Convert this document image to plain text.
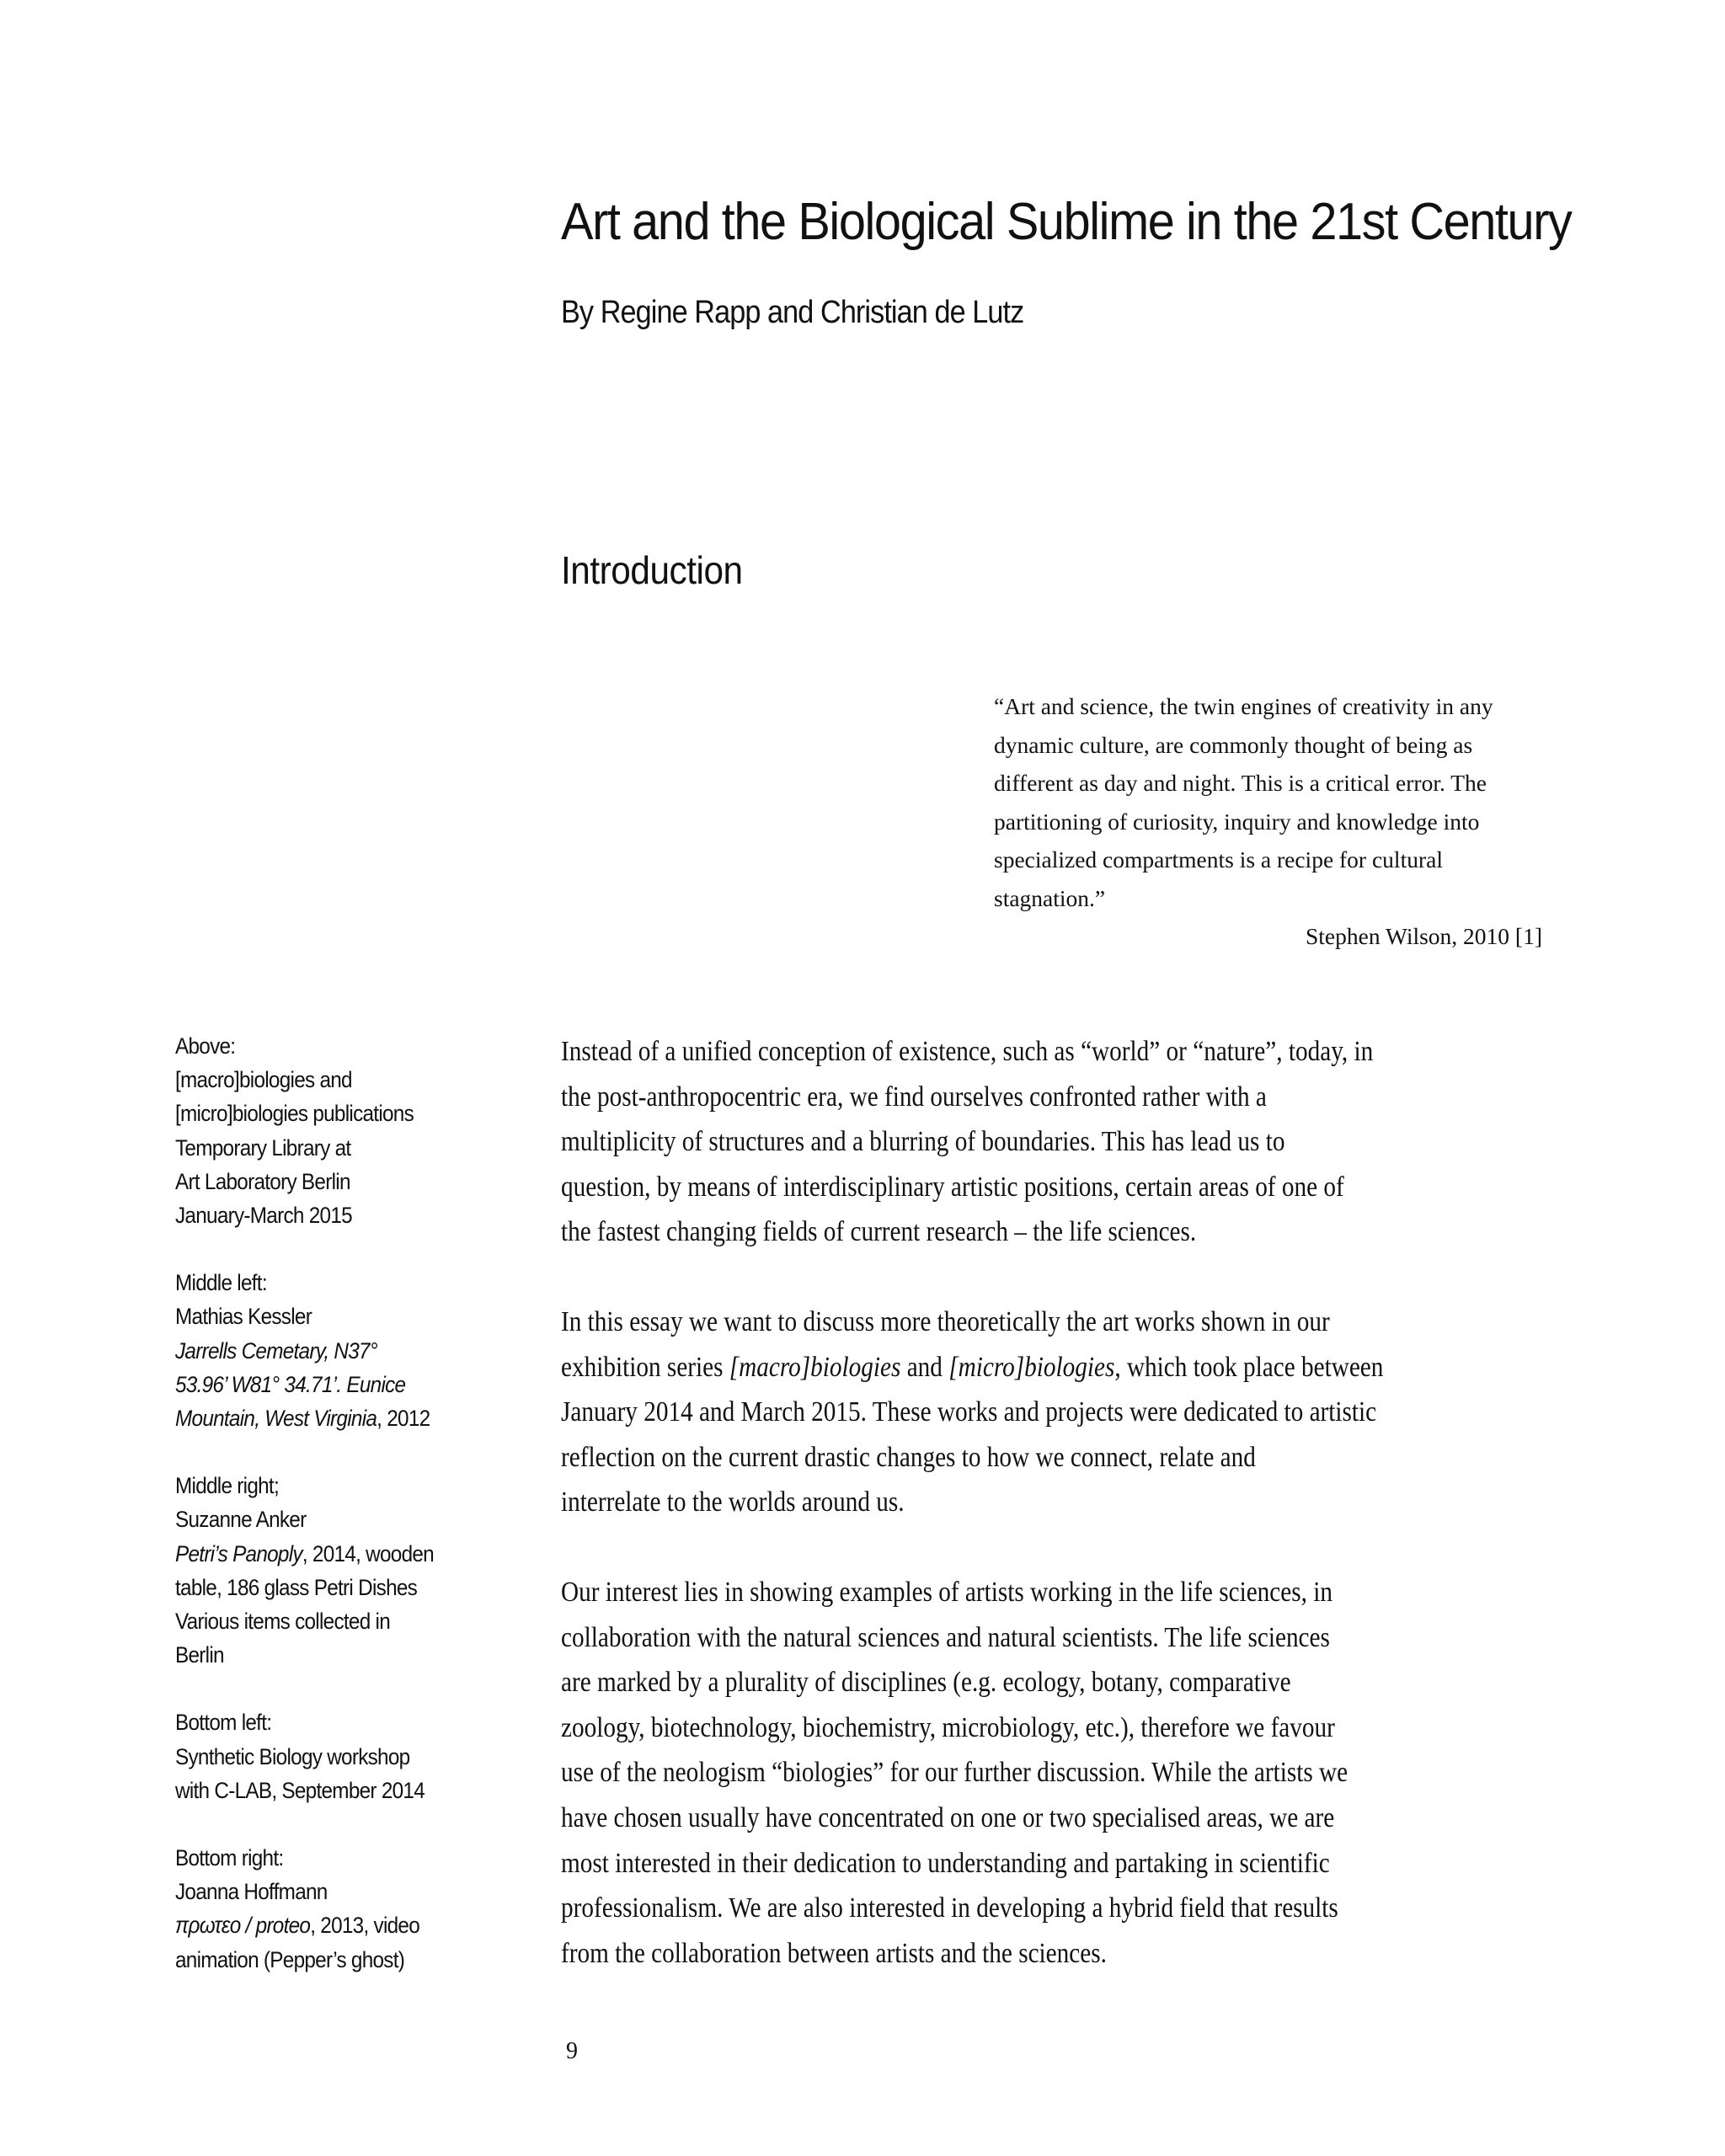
Art and the Biological Sublime in the 21st Century
By Regine Rapp and Christian de Lutz
Introduction
“Art and science, the twin engines of creativity in any
dynamic culture, are commonly thought of being as
different as day and night. This is a critical error. The
partitioning of curiosity, inquiry and knowledge into
specialized compartments is a recipe for cultural
stagnation.”
Stephen Wilson, 2010 [1]
Above:
[macro]biologies and
[micro]biologies publications
Temporary Library at
Art Laboratory Berlin
January-March 2015
Middle left:
Mathias Kessler
Jarrells Cemetary, N37°
53.96’ W81° 34.71’. Eunice
Mountain, West Virginia, 2012
Middle right;
Suzanne Anker
Petri’s Panoply, 2014, wooden
table, 186 glass Petri Dishes
Various items collected in
Berlin
Bottom left:
Synthetic Biology workshop
with C-LAB, September 2014
Bottom right:
Joanna Hoffmann
πρωτεο / proteo, 2013, video
animation (Pepper’s ghost)
Instead of a unified conception of existence, such as “world” or “nature”, today, in
the post-anthropocentric era, we find ourselves confronted rather with a
multiplicity of structures and a blurring of boundaries. This has lead us to
question, by means of interdisciplinary artistic positions, certain areas of one of
the fastest changing fields of current research – the life sciences.
In this essay we want to discuss more theoretically the art works shown in our
exhibition series [macro]biologies and [micro]biologies, which took place between
January 2014 and March 2015. These works and projects were dedicated to artistic
reflection on the current drastic changes to how we connect, relate and
interrelate to the worlds around us.
Our interest lies in showing examples of artists working in the life sciences, in
collaboration with the natural sciences and natural scientists. The life sciences
are marked by a plurality of disciplines (e.g. ecology, botany, comparative
zoology, biotechnology, biochemistry, microbiology, etc.), therefore we favour
use of the neologism “biologies” for our further discussion. While the artists we
have chosen usually have concentrated on one or two specialised areas, we are
most interested in their dedication to understanding and partaking in scientific
professionalism. We are also interested in developing a hybrid field that results
from the collaboration between artists and the sciences.
9
